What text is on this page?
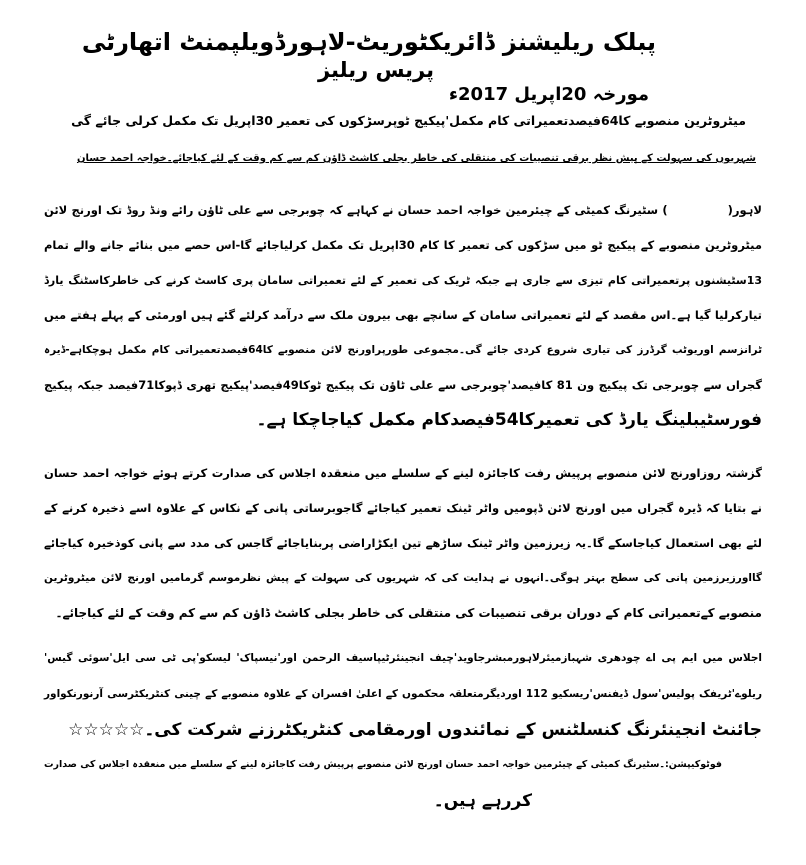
پبلک ریلیشنز ڈائریکٹوریٹ-لاہورڈویلپمنٹ اتھارٹی
پریس ریلیز
مورخہ 20اپریل 2017ء
میٹروٹرین منصوبے کا64فیصدتعمیراتی کام مکمل'پیکیج ٹوپرسڑکوں کی تعمیر 30اپریل تک مکمل کرلی جائے گی
شہریوں کی سہولت کے پیش نظر برقی تنصیبات کی منتقلی کی خاطر بجلی کاشٹ ڈاؤن کم سے کم وقت کے لئے کیاجائے۔خواجہ احمد حسان
لاہور() سٹیرنگ کمیٹی کے چیئرمین خواجہ احمد حسان نے کہاہے کہ چوبرجی سے علی ٹاؤن رائے ونڈ روڈ تک اورنج لائن
میٹروٹرین منصوبے کے پیکیج ٹو میں سڑکوں کی تعمیر کا کام 30اپریل تک مکمل کرلیاجائے گا-اس حصے میں بنائے جانے والے تمام
13سٹیشنوں پرتعمیراتی کام تیزی سے جاری ہے جبکہ ٹریک کی تعمیر کے لئے تعمیراتی سامان پری کاسٹ کرنے کی خاطرکاسٹنگ یارڈ
تیارکرلیا گیا ہے۔اس مقصد کے لئے تعمیراتی سامان کے سانچے بھی بیرون ملک سے درآمد کرلئے گئے ہیں اورمئی کے پہلے ہفتے میں
ٹرانزسم اوریوٹب گرڈرز کی تیاری شروع کردی جائے گی۔مجموعی طورپراورنج لائن منصوبے کا64فیصدتعمیراتی کام مکمل ہوچکاہے-ڈیرہ
گجراں سے چوبرجی تک پیکیج ون 81 کافیصد'چوبرجی سے علی ٹاؤن تک پیکیج ٹوکا49فیصد'پیکیج تھری ڈپوکا71فیصد جبکہ پیکیج
فورسٹیبلینگ یارڈ کی تعمیرکا54فیصدکام مکمل کیاجاچکا ہے۔
گزشتہ روزاورنج لائن منصوبے پرپیش رفت کاجائزہ لینے کے سلسلے میں منعقدہ اجلاس کی صدارت کرتے ہوئے خواجہ احمد حسان
نے بتایا کہ ڈیرہ گجراں میں اورنج لائن ڈپومیں واٹر ٹینک تعمیر کیاجائے گاجوبرساتی پانی کے نکاس کے علاوہ اسے ذخیرہ کرنے کے
لئے بھی استعمال کیاجاسکے گا۔یہ زیرزمین واٹر ٹینک ساڑھے تین ایکڑاراضی پربنایاجائے گاجس کی مدد سے پانی کوذخیرہ کیاجائے
گااورزیرزمین پانی کی سطح بہتر ہوگی۔انہوں نے ہدایت کی کہ شہریوں کی سہولت کے پیش نظرموسم گرمامیں اورنج لائن میٹروٹرین
منصوبے کےتعمیراتی کام کے دوران برقی تنصیبات کی منتقلی کی خاطر بجلی کاشٹ ڈاؤن کم سے کم وقت کے لئے کیاجائے۔
اجلاس میں ایم پی اے چودھری شہبازمیئرلاہورمبشرجاوید'چیف انجینئرٹیپاسیف الرحمن اور'نیسپاک' لیسکو'پی ٹی سی ایل'سوئی گیس'
ریلوے'ٹریفک پولیس'سول ڈیفنس'ریسکیو 112 اوردیگرمتعلقہ محکموں کے اعلیٰ افسران کے علاوہ منصوبے کے چینی کنٹریکٹرسی آرنورنکواور
جائنٹ انجینئرنگ کنسلٹنس کے نمائندوں اورمقامی کنٹریکٹرزنے شرکت کی۔☆☆☆☆☆
فوٹوکیپشن:۔سٹیرنگ کمیٹی کے چیئرمین خواجہ احمد حسان اورنج لائن منصوبے پرپیش رفت کاجائزہ لینے کے سلسلے میں منعقدہ اجلاس کی صدارت
کررہے ہیں۔
